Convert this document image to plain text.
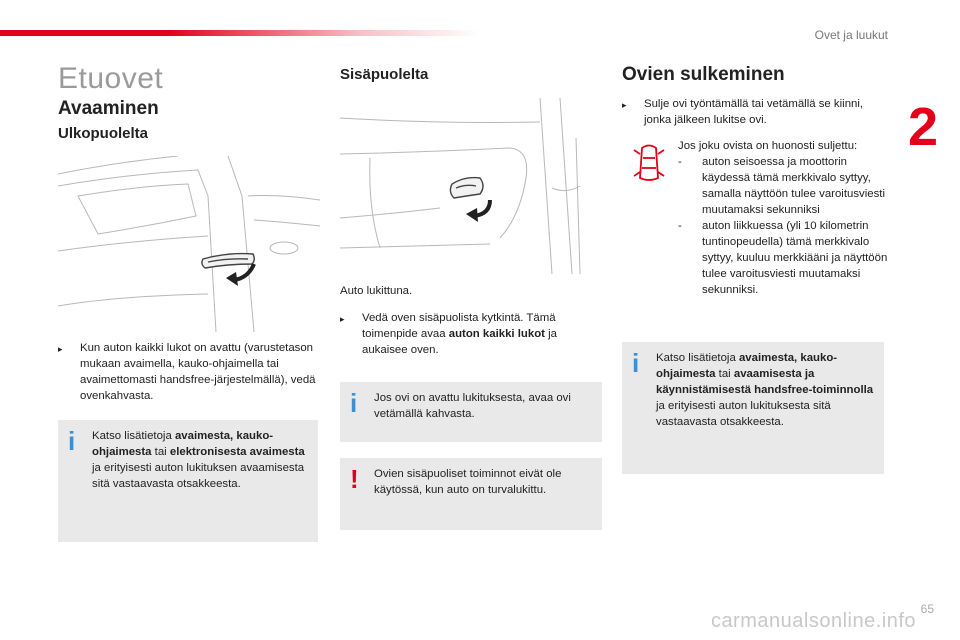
Ovet ja luukut
2
Etuovet
Avaaminen
Ulkopuolelta
Sisäpuolelta	Ovien sulkeminen
▸	Kun auton kaikki lukot on avattu (varustetason mukaan avaimella, kauko-ohjaimella tai avaimettomasti handsfree-järjestelmällä), vedä ovenkahvasta.
i	Katso lisätietoja avaimesta, kauko-ohjaimesta tai elektronisesta avaimesta ja erityisesti auton lukituksen avaamisesta sitä vastaavasta otsakkeesta.
Auto lukittuna.
▸	Vedä oven sisäpuolista kytkintä. Tämä toimenpide avaa auton kaikki lukot ja aukaisee oven.
i	Jos ovi on avattu lukituksesta, avaa ovi vetämällä kahvasta.
!	Ovien sisäpuoliset toiminnot eivät ole käytössä, kun auto on turvalukittu.
▸	Sulje ovi työntämällä tai vetämällä se kiinni, jonka jälkeen lukitse ovi.
Jos joku ovista on huonosti suljettu:
-	auton seisoessa ja moottorin käydessä tämä merkkivalo syttyy, samalla näyttöön tulee varoitusviesti muutamaksi sekunniksi
-	auton liikkuessa (yli 10 kilometrin tuntinopeudella) tämä merkkivalo syttyy, kuuluu merkkiääni ja näyttöön tulee varoitusviesti muutamaksi sekunniksi.
i	Katso lisätietoja avaimesta, kauko-ohjaimesta tai avaamisesta ja käynnistämisestä handsfree-toiminnolla ja erityisesti auton lukituksesta sitä vastaavasta otsakkeesta.
65
carmanualsonline.info
